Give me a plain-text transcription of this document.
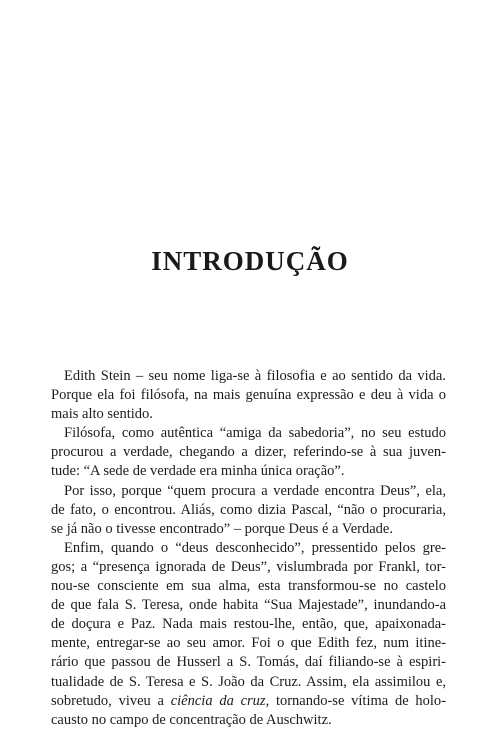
INTRODUÇÃO
Edith Stein – seu nome liga-se à filosofia e ao sentido da vida.
Porque ela foi filósofa, na mais genuína expressão e deu à vida o
mais alto sentido.
Filósofa, como autêntica “amiga da sabedoria”, no seu estudo
procurou a verdade, chegando a dizer, referindo-se à sua juven-
tude: “A sede de verdade era minha única oração”.
Por isso, porque “quem procura a verdade encontra Deus”, ela,
de fato, o encontrou. Aliás, como dizia Pascal, “não o procuraria,
se já não o tivesse encontrado” – porque Deus é a Verdade.
Enfim, quando o “deus desconhecido”, pressentido pelos gre-
gos; a “presença ignorada de Deus”, vislumbrada por Frankl, tor-
nou-se consciente em sua alma, esta transformou-se no castelo
de que fala S. Teresa, onde habita “Sua Majestade”, inundando-a
de doçura e Paz. Nada mais restou-lhe, então, que, apaixonada-
mente, entregar-se ao seu amor. Foi o que Edith fez, num itine-
rário que passou de Husserl a S. Tomás, daí filiando-se à espiri-
tualidade de S. Teresa e S. João da Cruz. Assim, ela assimilou e,
sobretudo, viveu a ciência da cruz, tornando-se vítima de holo-
causto no campo de concentração de Auschwitz.
